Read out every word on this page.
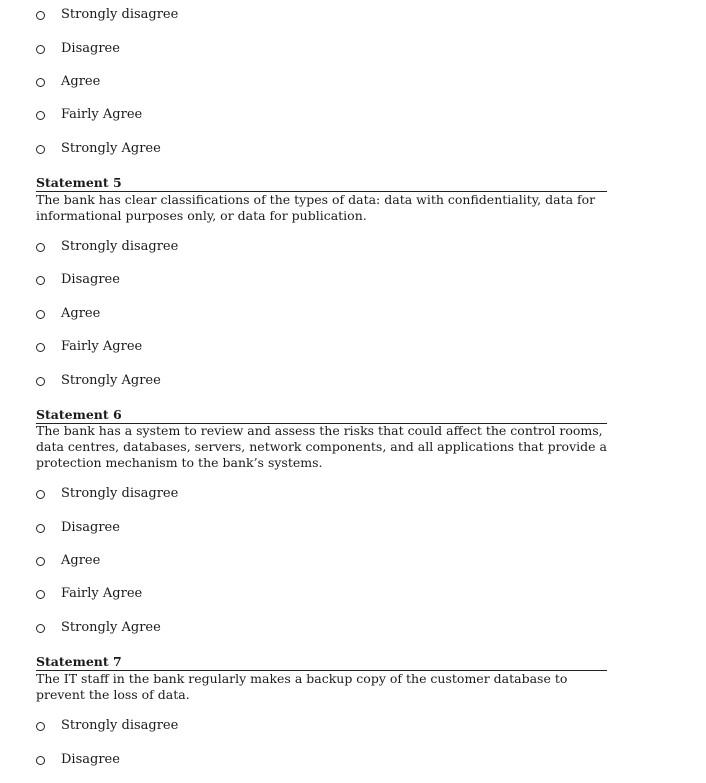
Strongly disagree
Disagree
Agree
Fairly Agree
Strongly Agree
Statement 5
The bank has clear classifications of the types of data: data with confidentiality, data for informational purposes only, or data for publication.
Strongly disagree
Disagree
Agree
Fairly Agree
Strongly Agree
Statement 6
The bank has a system to review and assess the risks that could affect the control rooms, data centres, databases, servers, network components, and all applications that provide a protection mechanism to the bank’s systems.
Strongly disagree
Disagree
Agree
Fairly Agree
Strongly Agree
Statement 7
The IT staff in the bank regularly makes a backup copy of the customer database to prevent the loss of data.
Strongly disagree
Disagree
